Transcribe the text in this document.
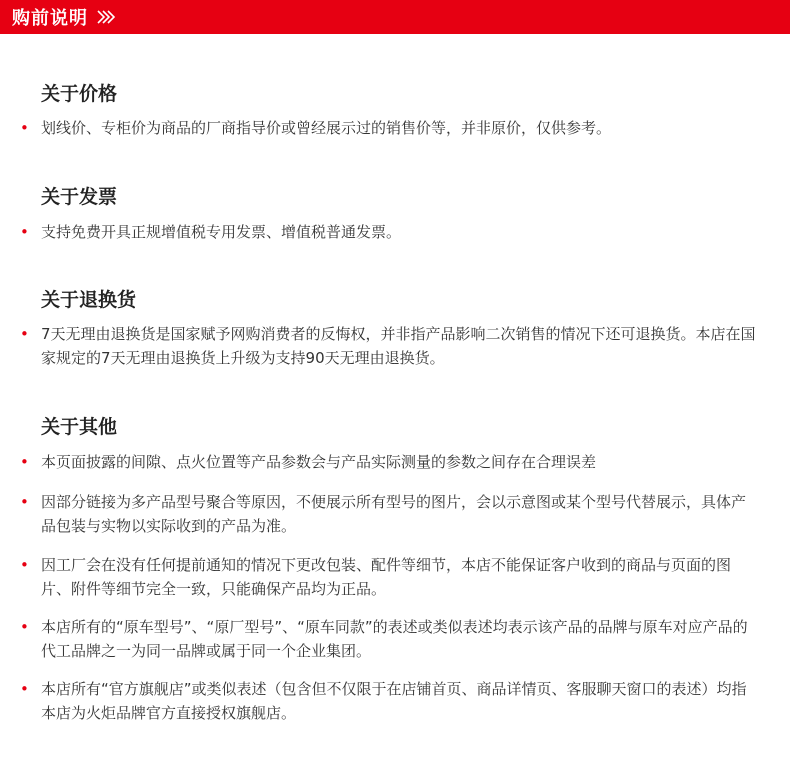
购前说明
关于价格
• 划线价、专柜价为商品的厂商指导价或曾经展示过的销售价等，并非原价，仅供参考。
关于发票
• 支持免费开具正规增值税专用发票、增值税普通发票。
关于退换货
• 7天无理由退换货是国家赋予网购消费者的反悔权，并非指产品影响二次销售的情况下还可退换货。本店在国家规定的7天无理由退换货上升级为支持90天无理由退换货。
关于其他
• 本页面披露的间隙、点火位置等产品参数会与产品实际测量的参数之间存在合理误差
• 因部分链接为多产品型号聚合等原因，不便展示所有型号的图片，会以示意图或某个型号代替展示，具体产品包装与实物以实际收到的产品为准。
• 因工厂会在没有任何提前通知的情况下更改包装、配件等细节，本店不能保证客户收到的商品与页面的图片、附件等细节完全一致，只能确保产品均为正品。
• 本店所有的“原车型号”、“原厂型号”、“原车同款”的表述或类似表述均表示该产品的品牌与原车对应产品的代工品牌之一为同一品牌或属于同一个企业集团。
• 本店所有“官方旗舰店”或类似表述（包含但不仅限于在店铺首页、商品详情页、客服聊天窗口的表述）均指本店为火炬品牌官方直接授权旗舰店。
